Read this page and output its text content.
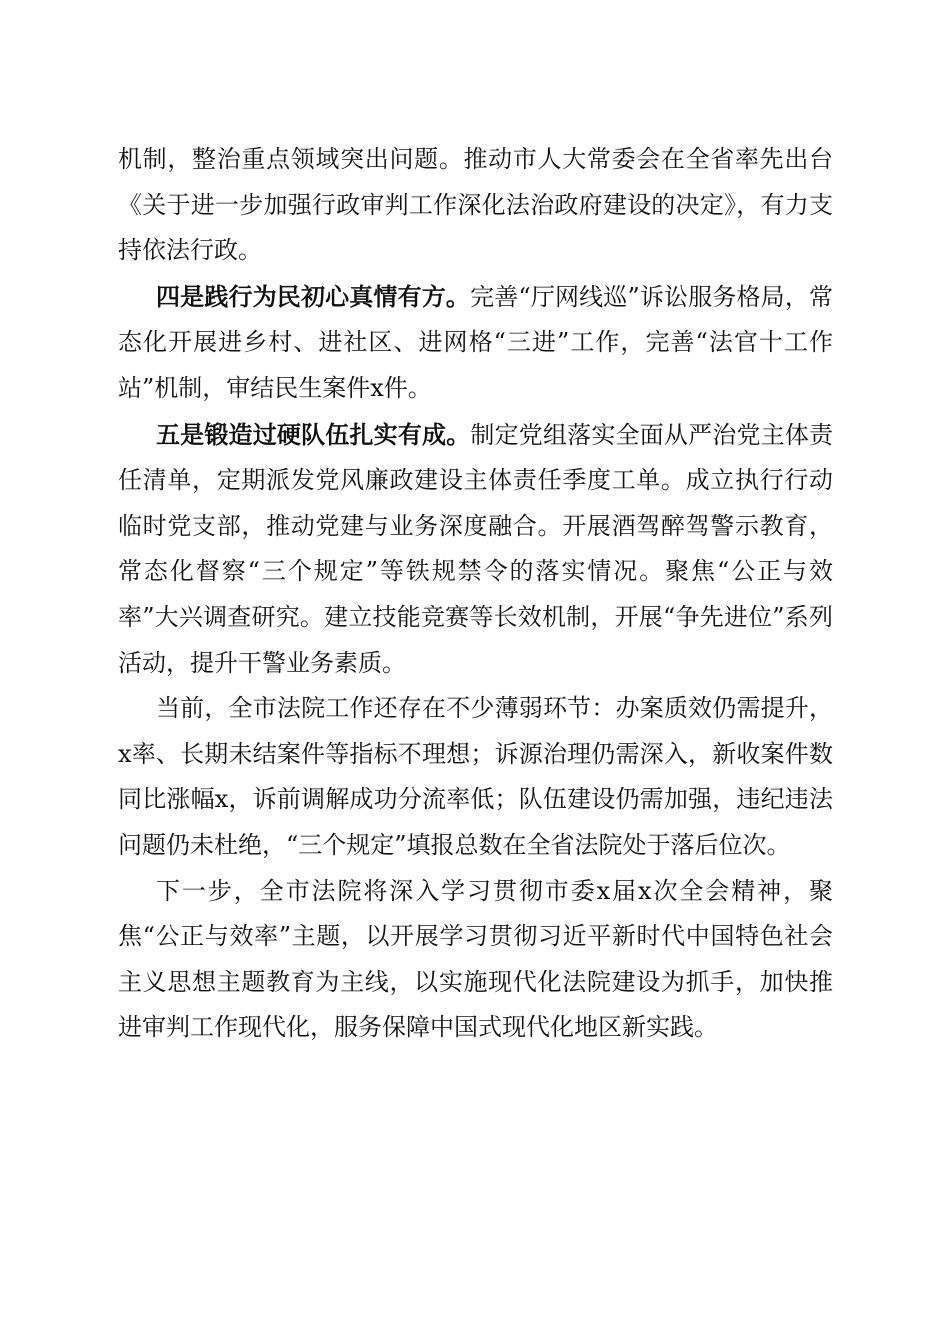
机制，整治重点领域突出问题。推动市人大常委会在全省率先出台《关于进一步加强行政审判工作深化法治政府建设的决定》，有力支持依法行政。

四是践行为民初心真情有方。完善“厅网线巡”诉讼服务格局，常态化开展进乡村、进社区、进网格“三进”工作，完善“法官十工作站”机制，审结民生案件x件。

五是锻造过硬队伍扎实有成。制定党组落实全面从严治党主体责任清单，定期派发党风廉政建设主体责任季度工单。成立执行行动临时党支部，推动党建与业务深度融合。开展酒驾醉驾警示教育，常态化督察“三个规定”等铁规禁令的落实情况。聚焦“公正与效率”大兴调查研究。建立技能竞赛等长效机制，开展“争先进位”系列活动，提升干警业务素质。

当前，全市法院工作还存在不少薄弱环节：办案质效仍需提升，x率、长期未结案件等指标不理想；诉源治理仍需深入，新收案件数同比涨幅x，诉前调解成功分流率低；队伍建设仍需加强，违纪违法问题仍未杜绝，“三个规定”填报总数在全省法院处于落后位次。

下一步，全市法院将深入学习贯彻市委x届x次全会精神，聚焦“公正与效率”主题，以开展学习贯彻习近平新时代中国特色社会主义思想主题教育为主线，以实施现代化法院建设为抓手，加快推进审判工作现代化，服务保障中国式现代化地区新实践。
